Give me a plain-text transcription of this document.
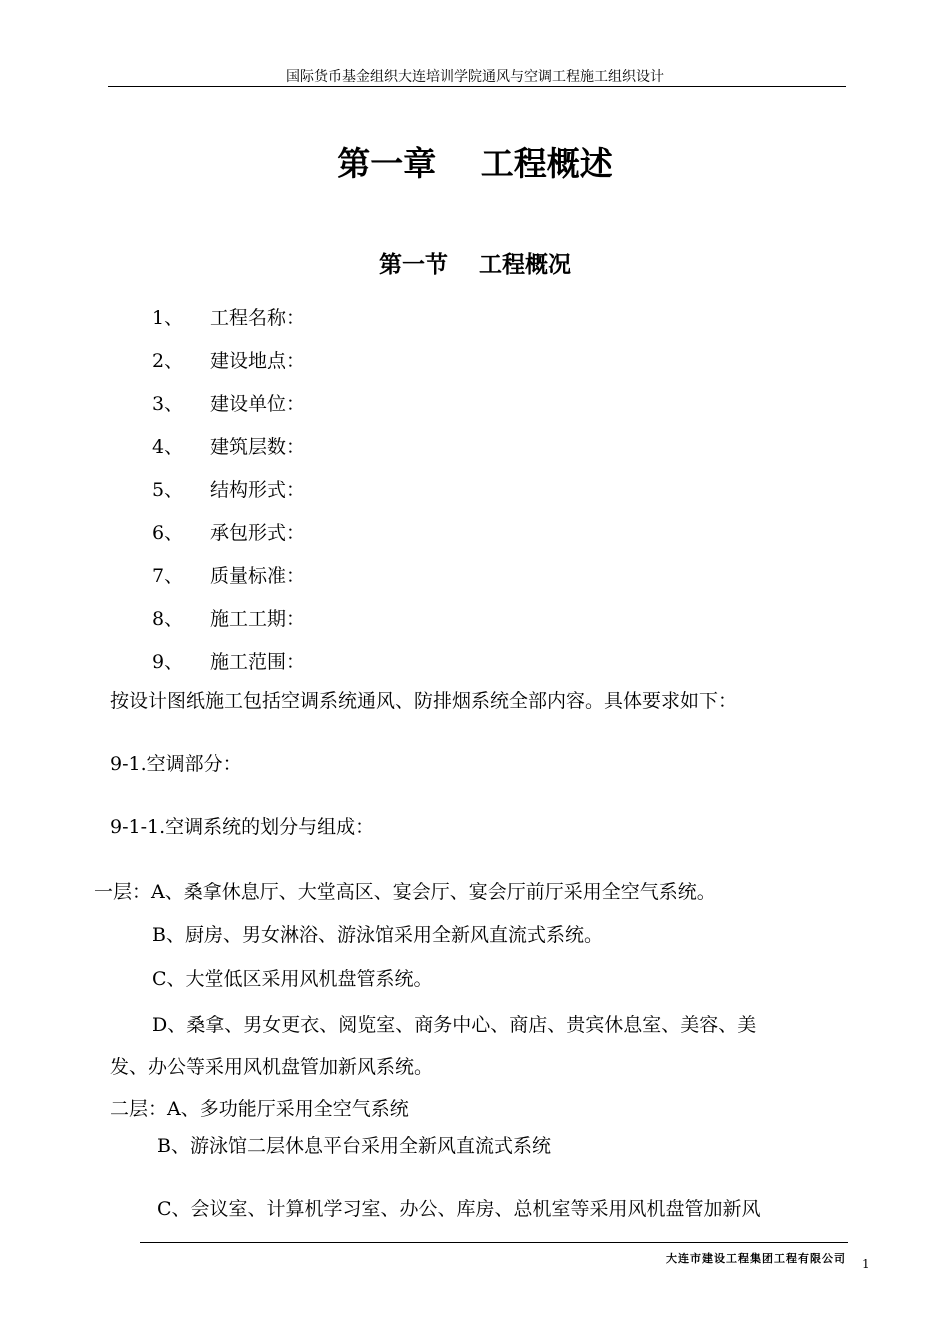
国际货币基金组织大连培训学院通风与空调工程施工组织设计
第一章　 工程概述
第一节　 工程概况
1、 工程名称：
2、 建设地点：
3、 建设单位：
4、 建筑层数：
5、 结构形式：
6、 承包形式：
7、 质量标准：
8、 施工工期：
9、 施工范围：
按设计图纸施工包括空调系统通风、防排烟系统全部内容。具体要求如下：
9-1.空调部分：
9-1-1.空调系统的划分与组成：
一层：A、桑拿休息厅、大堂高区、宴会厅、宴会厅前厅采用全空气系统。
B、厨房、男女淋浴、游泳馆采用全新风直流式系统。
C、大堂低区采用风机盘管系统。
D、桑拿、男女更衣、阅览室、商务中心、商店、贵宾休息室、美容、美
发、办公等采用风机盘管加新风系统。
二层：A、多功能厅采用全空气系统
B、游泳馆二层休息平台采用全新风直流式系统
C、会议室、计算机学习室、办公、库房、总机室等采用风机盘管加新风
大连市建设工程集团工程有限公司 1
